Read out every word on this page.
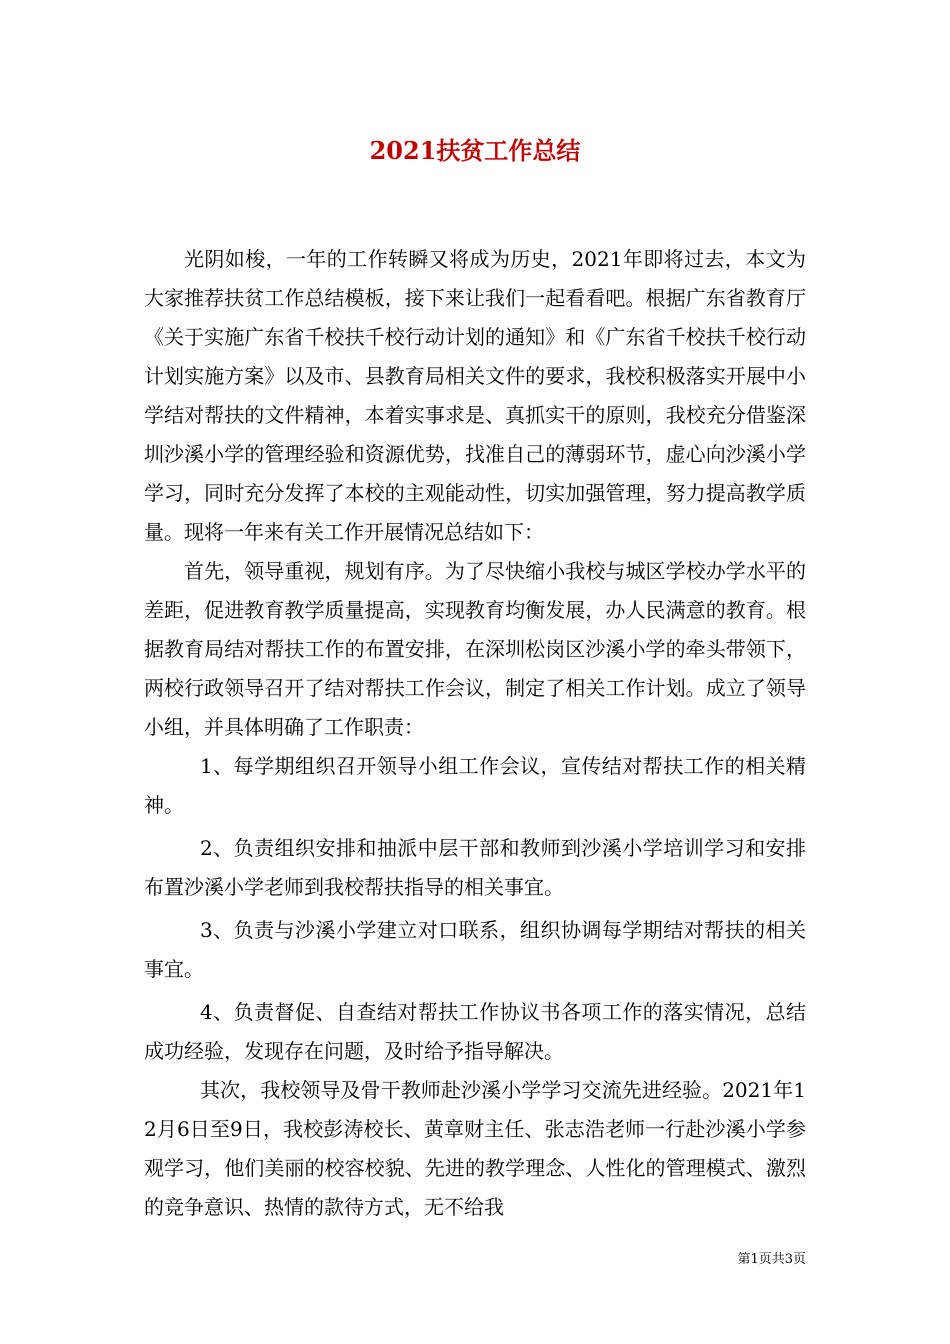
2021扶贫工作总结

光阴如梭，一年的工作转瞬又将成为历史，2021年即将过去，本文为大家推荐扶贫工作总结模板，接下来让我们一起看看吧。根据广东省教育厅《关于实施广东省千校扶千校行动计划的通知》和《广东省千校扶千校行动计划实施方案》以及市、县教育局相关文件的要求，我校积极落实开展中小学结对帮扶的文件精神，本着实事求是、真抓实干的原则，我校充分借鉴深圳沙溪小学的管理经验和资源优势，找准自己的薄弱环节，虚心向沙溪小学学习，同时充分发挥了本校的主观能动性，切实加强管理，努力提高教学质量。现将一年来有关工作开展情况总结如下：

首先，领导重视，规划有序。为了尽快缩小我校与城区学校办学水平的差距，促进教育教学质量提高，实现教育均衡发展，办人民满意的教育。根据教育局结对帮扶工作的布置安排，在深圳松岗区沙溪小学的牵头带领下，两校行政领导召开了结对帮扶工作会议，制定了相关工作计划。成立了领导小组，并具体明确了工作职责：

1、每学期组织召开领导小组工作会议，宣传结对帮扶工作的相关精神。

2、负责组织安排和抽派中层干部和教师到沙溪小学培训学习和安排布置沙溪小学老师到我校帮扶指导的相关事宜。

3、负责与沙溪小学建立对口联系，组织协调每学期结对帮扶的相关事宜。

4、负责督促、自查结对帮扶工作协议书各项工作的落实情况，总结成功经验，发现存在问题，及时给予指导解决。

其次，我校领导及骨干教师赴沙溪小学学习交流先进经验。2021年12月6日至9日，我校彭涛校长、黄章财主任、张志浩老师一行赴沙溪小学参观学习，他们美丽的校容校貌、先进的教学理念、人性化的管理模式、激烈的竞争意识、热情的款待方式，无不给我

第1页共3页
